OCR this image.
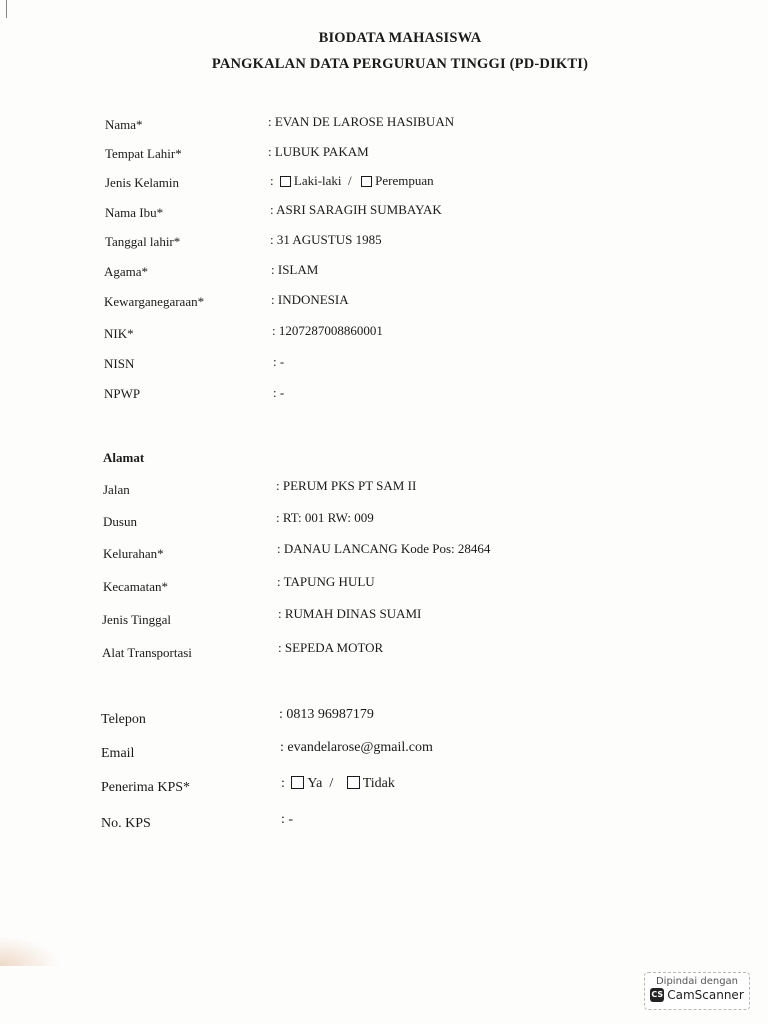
BIODATA MAHASISWA
PANGKALAN DATA PERGURUAN TINGGI (PD-DIKTI)
Nama*	: EVAN DE LAROSE HASIBUAN
Tempat Lahir*	: LUBUK PAKAM
Jenis Kelamin	: Laki-laki / Perempuan
Nama Ibu*	: ASRI SARAGIH SUMBAYAK
Tanggal lahir*	: 31 AGUSTUS 1985
Agama*	: ISLAM
Kewarganegaraan*	: INDONESIA
NIK*	: 1207287008860001
NISN	: -
NPWP	: -
Alamat
Jalan	: PERUM PKS PT SAM II
Dusun	: RT: 001 RW: 009
Kelurahan*	: DANAU LANCANG Kode Pos: 28464
Kecamatan*	: TAPUNG HULU
Jenis Tinggal	: RUMAH DINAS SUAMI
Alat Transportasi	: SEPEDA MOTOR
Telepon	: 0813 96987179
Email	: evandelarose@gmail.com
Penerima KPS*	: Ya / Tidak
No. KPS	: -
Dipindai dengan
CS CamScanner
